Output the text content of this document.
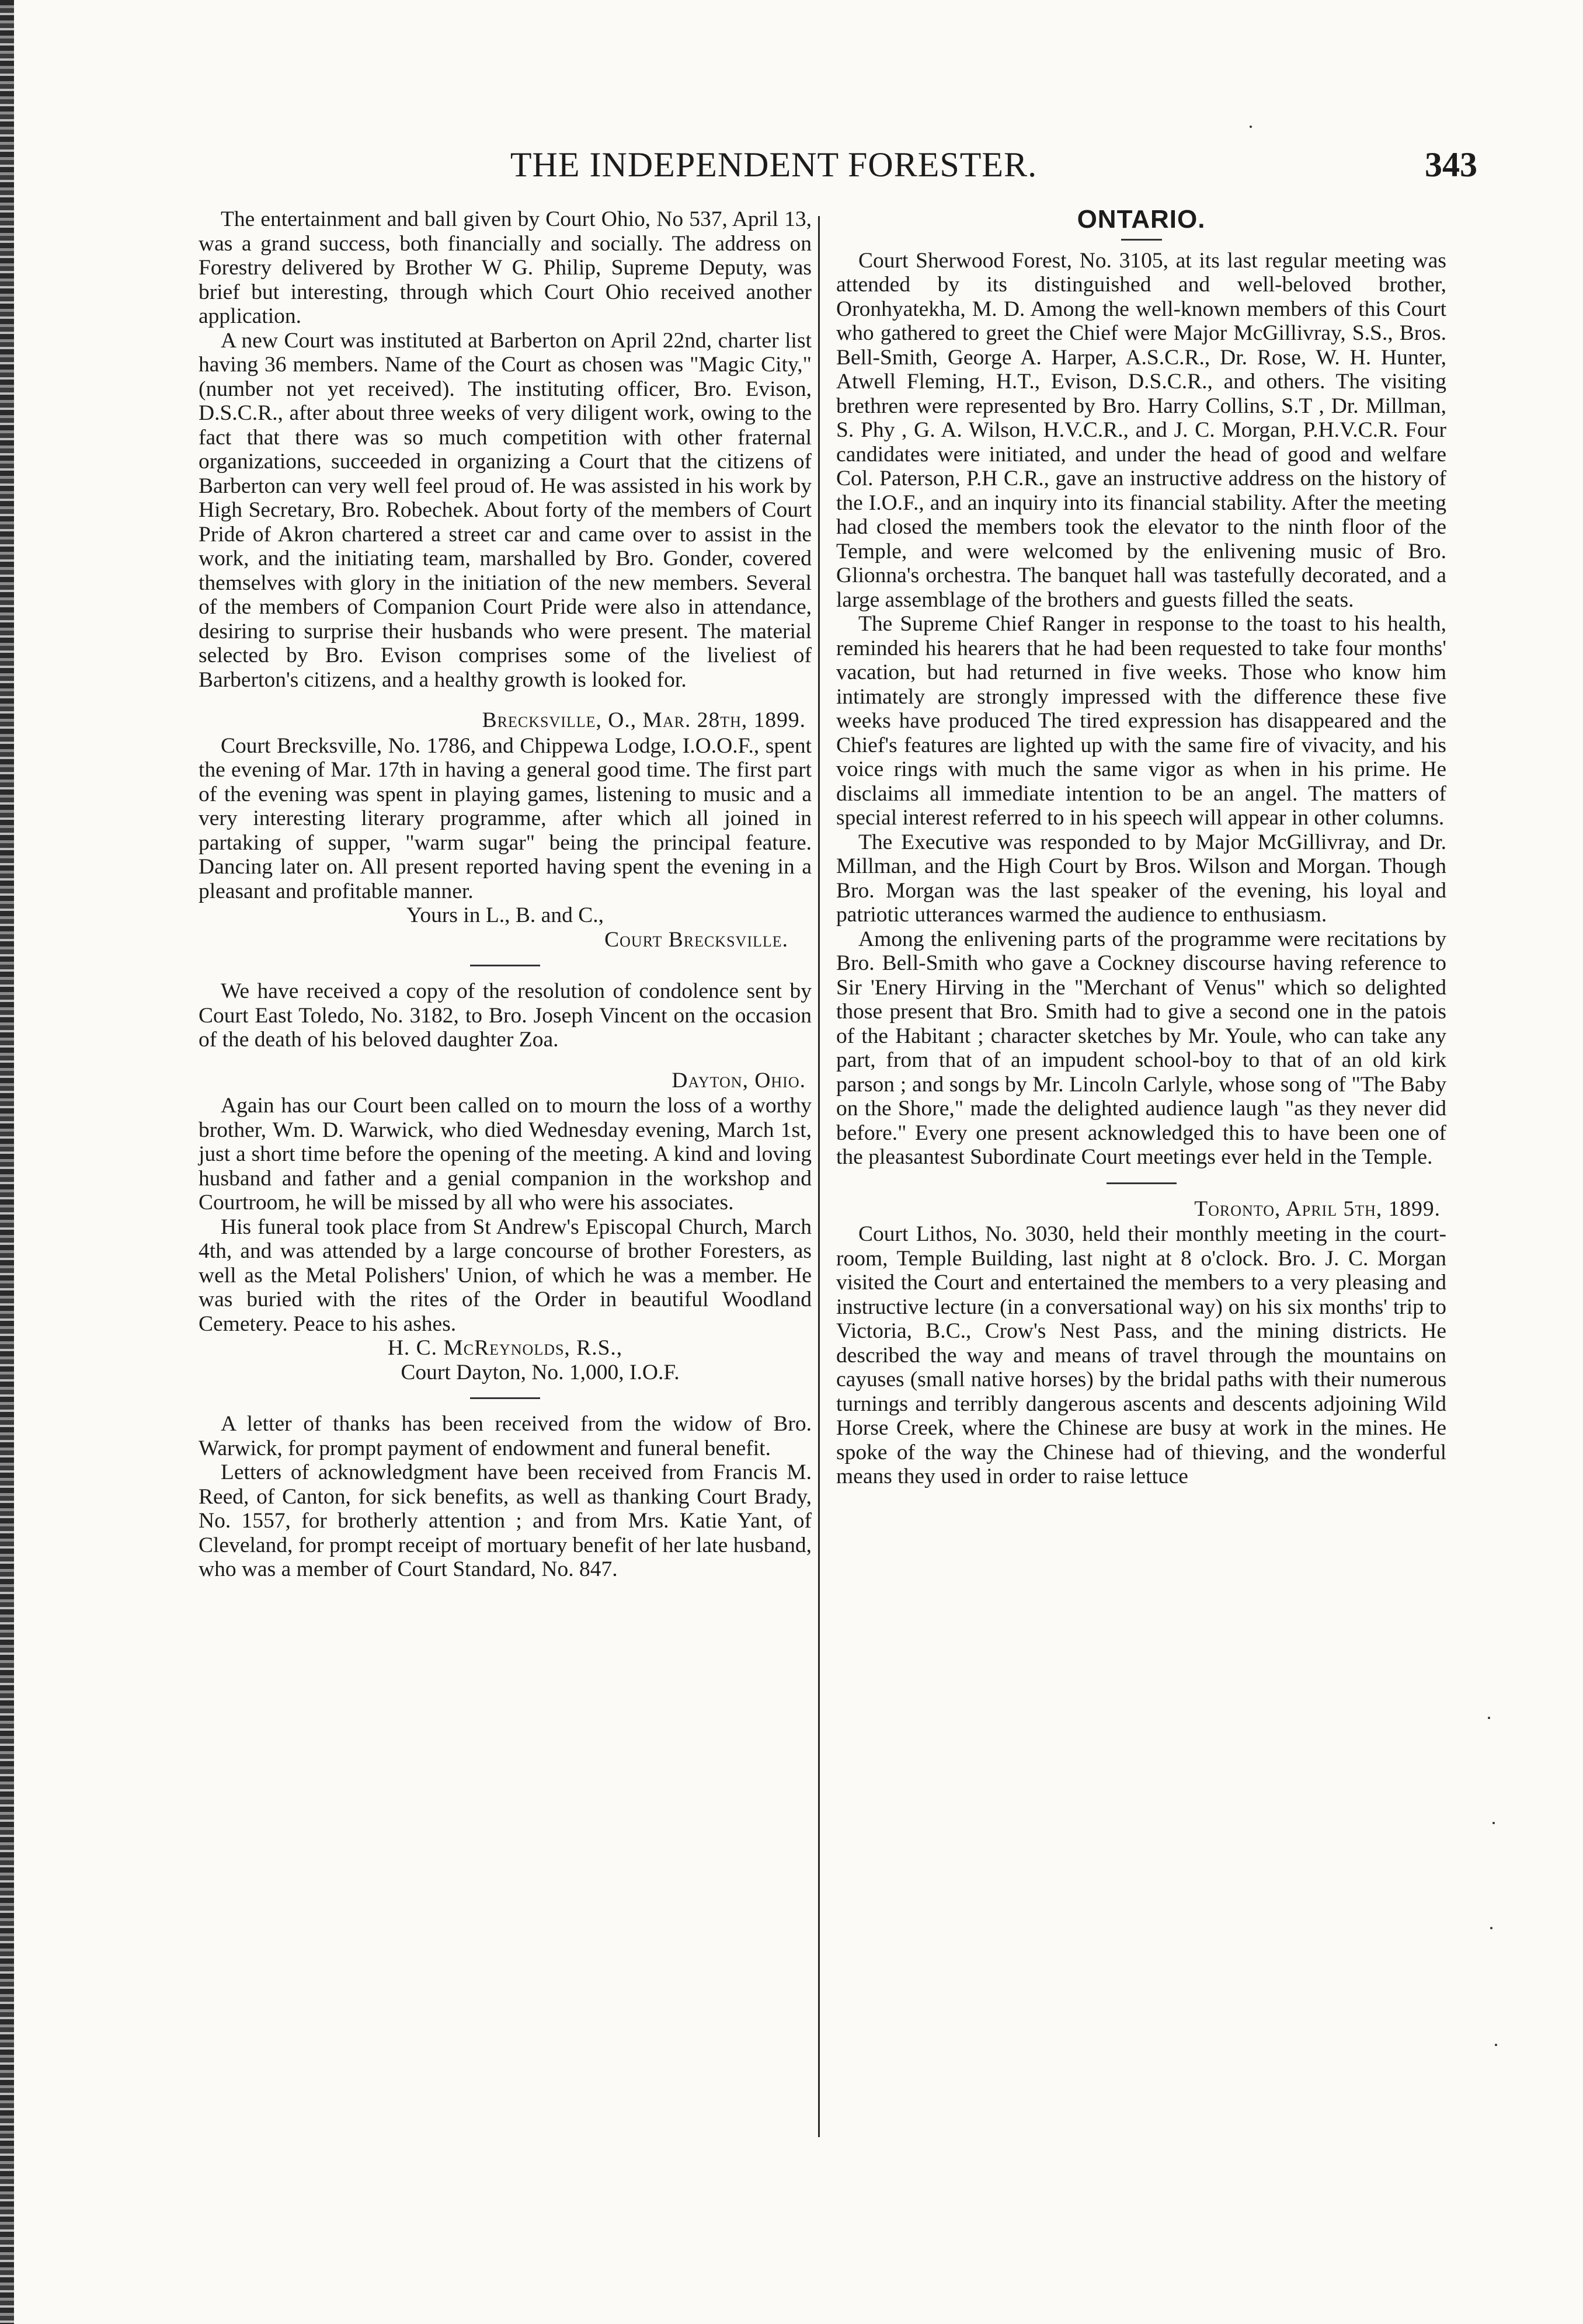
THE INDEPENDENT FORESTER.	343

The entertainment and ball given by Court Ohio, No 537, April 13, was a grand success, both financially and socially. The address on Forestry delivered by Brother W G. Philip, Supreme Deputy, was brief but interesting, through which Court Ohio received another application.

A new Court was instituted at Barberton on April 22nd, charter list having 36 members. Name of the Court as chosen was "Magic City," (number not yet received). The instituting officer, Bro. Evison, D.S.C.R., after about three weeks of very diligent work, owing to the fact that there was so much competition with other fraternal organizations, succeeded in organizing a Court that the citizens of Barberton can very well feel proud of. He was assisted in his work by High Secretary, Bro. Robechek. About forty of the members of Court Pride of Akron chartered a street car and came over to assist in the work, and the initiating team, marshalled by Bro. Gonder, covered themselves with glory in the initiation of the new members. Several of the members of Companion Court Pride were also in attendance, desiring to surprise their husbands who were present. The material selected by Bro. Evison comprises some of the liveliest of Barberton's citizens, and a healthy growth is looked for.

Brecksville, O., Mar. 28th, 1899.

Court Brecksville, No. 1786, and Chippewa Lodge, I.O.O.F., spent the evening of Mar. 17th in having a general good time. The first part of the evening was spent in playing games, listening to music and a very interesting literary programme, after which all joined in partaking of supper, "warm sugar" being the principal feature. Dancing later on. All present reported having spent the evening in a pleasant and profitable manner.

Yours in L., B. and C.,
Court Brecksville.

We have received a copy of the resolution of condolence sent by Court East Toledo, No. 3182, to Bro. Joseph Vincent on the occasion of the death of his beloved daughter Zoa.

Dayton, Ohio.

Again has our Court been called on to mourn the loss of a worthy brother, Wm. D. Warwick, who died Wednesday evening, March 1st, just a short time before the opening of the meeting. A kind and loving husband and father and a genial companion in the workshop and Courtroom, he will be missed by all who were his associates.

His funeral took place from St Andrew's Episcopal Church, March 4th, and was attended by a large concourse of brother Foresters, as well as the Metal Polishers' Union, of which he was a member. He was buried with the rites of the Order in beautiful Woodland Cemetery. Peace to his ashes.

H. C. McReynolds, R.S.,
Court Dayton, No. 1,000, I.O.F.

A letter of thanks has been received from the widow of Bro. Warwick, for prompt payment of endowment and funeral benefit.

Letters of acknowledgment have been received from Francis M. Reed, of Canton, for sick benefits, as well as thanking Court Brady, No. 1557, for brotherly attention ; and from Mrs. Katie Yant, of Cleveland, for prompt receipt of mortuary benefit of her late husband, who was a member of Court Standard, No. 847.

ONTARIO.

Court Sherwood Forest, No. 3105, at its last regular meeting was attended by its distinguished and well-beloved brother, Oronhyatekha, M. D. Among the well-known members of this Court who gathered to greet the Chief were Major McGillivray, S.S., Bros. Bell-Smith, George A. Harper, A.S.C.R., Dr. Rose, W. H. Hunter, Atwell Fleming, H.T., Evison, D.S.C.R., and others. The visiting brethren were represented by Bro. Harry Collins, S.T , Dr. Millman, S. Phy , G. A. Wilson, H.V.C.R., and J. C. Morgan, P.H.V.C.R. Four candidates were initiated, and under the head of good and welfare Col. Paterson, P.H C.R., gave an instructive address on the history of the I.O.F., and an inquiry into its financial stability. After the meeting had closed the members took the elevator to the ninth floor of the Temple, and were welcomed by the enlivening music of Bro. Glionna's orchestra. The banquet hall was tastefully decorated, and a large assemblage of the brothers and guests filled the seats.

The Supreme Chief Ranger in response to the toast to his health, reminded his hearers that he had been requested to take four months' vacation, but had returned in five weeks. Those who know him intimately are strongly impressed with the difference these five weeks have produced The tired expression has disappeared and the Chief's features are lighted up with the same fire of vivacity, and his voice rings with much the same vigor as when in his prime. He disclaims all immediate intention to be an angel. The matters of special interest referred to in his speech will appear in other columns.

The Executive was responded to by Major McGillivray, and Dr. Millman, and the High Court by Bros. Wilson and Morgan. Though Bro. Morgan was the last speaker of the evening, his loyal and patriotic utterances warmed the audience to enthusiasm.

Among the enlivening parts of the programme were recitations by Bro. Bell-Smith who gave a Cockney discourse having reference to Sir 'Enery Hirving in the "Merchant of Venus" which so delighted those present that Bro. Smith had to give a second one in the patois of the Habitant ; character sketches by Mr. Youle, who can take any part, from that of an impudent school-boy to that of an old kirk parson ; and songs by Mr. Lincoln Carlyle, whose song of "The Baby on the Shore," made the delighted audience laugh "as they never did before." Every one present acknowledged this to have been one of the pleasantest Subordinate Court meetings ever held in the Temple.

Toronto, April 5th, 1899.

Court Lithos, No. 3030, held their monthly meeting in the court-room, Temple Building, last night at 8 o'clock. Bro. J. C. Morgan visited the Court and entertained the members to a very pleasing and instructive lecture (in a conversational way) on his six months' trip to Victoria, B.C., Crow's Nest Pass, and the mining districts. He described the way and means of travel through the mountains on cayuses (small native horses) by the bridal paths with their numerous turnings and terribly dangerous ascents and descents adjoining Wild Horse Creek, where the Chinese are busy at work in the mines. He spoke of the way the Chinese had of thieving, and the wonderful means they used in order to raise lettuce
